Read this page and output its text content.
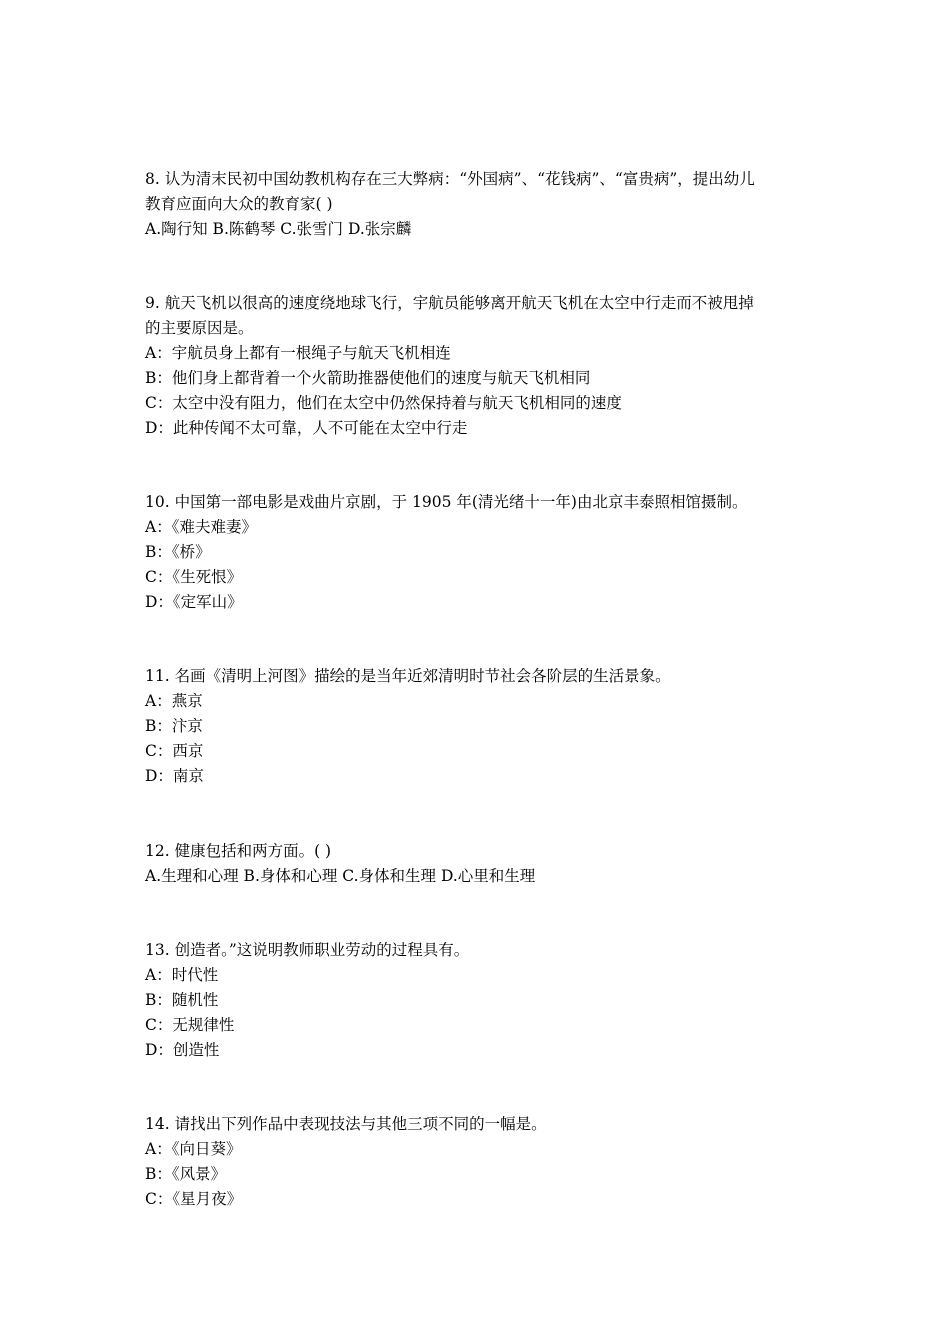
8. 认为清末民初中国幼教机构存在三大弊病：“外国病”、“花钱病”、“富贵病”，提出幼儿
教育应面向大众的教育家( )
A.陶行知 B.陈鹤琴 C.张雪门 D.张宗麟
9. 航天飞机以很高的速度绕地球飞行，宇航员能够离开航天飞机在太空中行走而不被甩掉
的主要原因是。
A：宇航员身上都有一根绳子与航天飞机相连
B：他们身上都背着一个火箭助推器使他们的速度与航天飞机相同
C：太空中没有阻力，他们在太空中仍然保持着与航天飞机相同的速度
D：此种传闻不太可靠，人不可能在太空中行走
10. 中国第一部电影是戏曲片京剧，于 1905 年(清光绪十一年)由北京丰泰照相馆摄制。
A：《难夫难妻》
B：《桥》
C：《生死恨》
D：《定军山》
11. 名画《清明上河图》描绘的是当年近郊清明时节社会各阶层的生活景象。
A：燕京
B：汴京
C：西京
D：南京
12. 健康包括和两方面。( )
A.生理和心理 B.身体和心理 C.身体和生理 D.心里和生理
13. 创造者。”这说明教师职业劳动的过程具有。
A：时代性
B：随机性
C：无规律性
D：创造性
14. 请找出下列作品中表现技法与其他三项不同的一幅是。
A：《向日葵》
B：《风景》
C：《星月夜》
